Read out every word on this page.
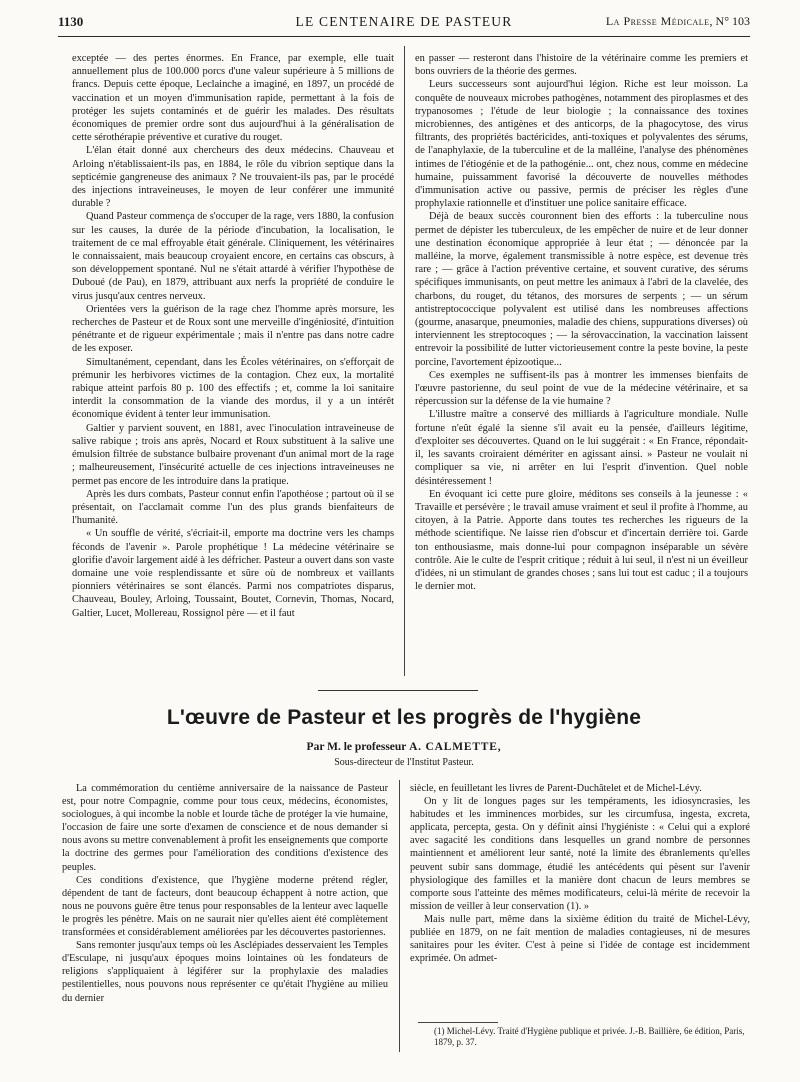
1130	LE CENTENAIRE DE PASTEUR	La Presse Médicale, N° 103

exceptée — des pertes énormes. En France, par exemple, elle tuait annuellement plus de 100.000 porcs d'une valeur supérieure à 5 millions de francs. Depuis cette époque, Leclainche a imaginé, en 1897, un procédé de vaccination et un moyen d'immunisation rapide, permettant à la fois de protéger les sujets contaminés et de guérir les malades. Des résultats économiques de premier ordre sont dus aujourd'hui à la généralisation de cette sérothérapie préventive et curative du rouget.

L'élan était donné aux chercheurs des deux médecins. Chauveau et Arloing n'établissaient-ils pas, en 1884, le rôle du vibrion septique dans la septicémie gangreneuse des animaux ? Ne trouvaient-ils pas, par le procédé des injections intraveineuses, le moyen de leur conférer une immunité durable ?

Quand Pasteur commença de s'occuper de la rage, vers 1880, la confusion sur les causes, la durée de la période d'incubation, la localisation, le traitement de ce mal effroyable était générale. Cliniquement, les vétérinaires le connaissaient, mais beaucoup croyaient encore, en certains cas obscurs, à son développement spontané. Nul ne s'était attardé à vérifier l'hypothèse de Duboué (de Pau), en 1879, attribuant aux nerfs la propriété de conduire le virus jusqu'aux centres nerveux.

Orientées vers la guérison de la rage chez l'homme après morsure, les recherches de Pasteur et de Roux sont une merveille d'ingéniosité, d'intuition pénétrante et de rigueur expérimentale ; mais il n'entre pas dans notre cadre de les exposer.

Simultanément, cependant, dans les Écoles vétérinaires, on s'efforçait de prémunir les herbivores victimes de la contagion. Chez eux, la mortalité rabique atteint parfois 80 p. 100 des effectifs ; et, comme la loi sanitaire interdit la consommation de la viande des mordus, il y a un intérêt économique évident à tenter leur immunisation.

Galtier y parvient souvent, en 1881, avec l'inoculation intraveineuse de salive rabique ; trois ans après, Nocard et Roux substituent à la salive une émulsion filtrée de substance bulbaire provenant d'un animal mort de la rage ; malheureusement, l'insécurité actuelle de ces injections intraveineuses ne permet pas encore de les introduire dans la pratique.

Après les durs combats, Pasteur connut enfin l'apothéose ; partout où il se présentait, on l'acclamait comme l'un des plus grands bienfaiteurs de l'humanité.

« Un souffle de vérité, s'écriait-il, emporte ma doctrine vers les champs féconds de l'avenir ». Parole prophétique ! La médecine vétérinaire se glorifie d'avoir largement aidé à les défricher. Pasteur a ouvert dans son vaste domaine une voie resplendissante et sûre où de nombreux et vaillants pionniers vétérinaires se sont élancés. Parmi nos compatriotes disparus, Chauveau, Bouley, Arloing, Toussaint, Boutet, Cornevin, Thomas, Nocard, Galtier, Lucet, Mollereau, Rossignol père — et il faut

en passer — resteront dans l'histoire de la vétérinaire comme les premiers et bons ouvriers de la théorie des germes.

Leurs successeurs sont aujourd'hui légion. Riche est leur moisson. La conquête de nouveaux microbes pathogènes, notamment des piroplasmes et des trypanosomes ; l'étude de leur biologie ; la connaissance des toxines microbiennes, des antigènes et des anticorps, de la phagocytose, des virus filtrants, des propriétés bactéricides, anti-toxiques et polyvalentes des sérums, de l'anaphylaxie, de la tuberculine et de la malléine, l'analyse des phénomènes intimes de l'étiogénie et de la pathogénie... ont, chez nous, comme en médecine humaine, puissamment favorisé la découverte de nouvelles méthodes d'immunisation active ou passive, permis de préciser les règles d'une prophylaxie rationnelle et d'instituer une police sanitaire efficace.

Déjà de beaux succès couronnent bien des efforts : la tuberculine nous permet de dépister les tuberculeux, de les empêcher de nuire et de leur donner une destination économique appropriée à leur état ; — dénoncée par la malléine, la morve, également transmissible à notre espèce, est devenue très rare ; — grâce à l'action préventive certaine, et souvent curative, des sérums spécifiques immunisants, on peut mettre les animaux à l'abri de la clavelée, des charbons, du rouget, du tétanos, des morsures de serpents ; — un sérum antistreptococcique polyvalent est utilisé dans les nombreuses affections (gourme, anasarque, pneumonies, maladie des chiens, suppurations diverses) où interviennent les streptocoques ; — la sérovaccination, la vaccination laissent entrevoir la possibilité de lutter victorieusement contre la peste bovine, la peste porcine, l'avortement épizootique...

Ces exemples ne suffisent-ils pas à montrer les immenses bienfaits de l'œuvre pastorienne, du seul point de vue de la médecine vétérinaire, et sa répercussion sur la défense de la vie humaine ?

L'illustre maître a conservé des milliards à l'agriculture mondiale. Nulle fortune n'eût égalé la sienne s'il avait eu la pensée, d'ailleurs légitime, d'exploiter ses découvertes. Quand on le lui suggérait : « En France, répondait-il, les savants croiraient démériter en agissant ainsi. » Pasteur ne voulait ni compliquer sa vie, ni arrêter en lui l'esprit d'invention. Quel noble désintéressement !

En évoquant ici cette pure gloire, méditons ses conseils à la jeunesse : « Travaille et persévère ; le travail amuse vraiment et seul il profite à l'homme, au citoyen, à la Patrie. Apporte dans toutes tes recherches les rigueurs de la méthode scientifique. Ne laisse rien d'obscur et d'incertain derrière toi. Garde ton enthousiasme, mais donne-lui pour compagnon inséparable un sévère contrôle. Aie le culte de l'esprit critique ; réduit à lui seul, il n'est ni un éveilleur d'idées, ni un stimulant de grandes choses ; sans lui tout est caduc ; il a toujours le dernier mot.

L'œuvre de Pasteur et les progrès de l'hygiène
Par M. le professeur A. CALMETTE,
Sous-directeur de l'Institut Pasteur.

La commémoration du centième anniversaire de la naissance de Pasteur est, pour notre Compagnie, comme pour tous ceux, médecins, économistes, sociologues, à qui incombe la noble et lourde tâche de protéger la vie humaine, l'occasion de faire une sorte d'examen de conscience et de nous demander si nous avons su mettre convenablement à profit les enseignements que comporte la doctrine des germes pour l'amélioration des conditions d'existence des peuples.

Ces conditions d'existence, que l'hygiène moderne prétend régler, dépendent de tant de facteurs, dont beaucoup échappent à notre action, que nous ne pouvons guère être tenus pour responsables de la lenteur avec laquelle le progrès les pénètre. Mais on ne saurait nier qu'elles aient été complètement transformées et considérablement améliorées par les découvertes pastoriennes.

Sans remonter jusqu'aux temps où les Asclépiades desservaient les Temples d'Esculape, ni jusqu'aux époques moins lointaines où les fondateurs de religions s'appliquaient à légiférer sur la prophylaxie des maladies pestilentielles, nous pouvons nous représenter ce qu'était l'hygiène au milieu du dernier

siècle, en feuilletant les livres de Parent-Duchâtelet et de Michel-Lévy.

On y lit de longues pages sur les tempéraments, les idiosyncrasies, les habitudes et les imminences morbides, sur les circumfusa, ingesta, excreta, applicata, percepta, gesta. On y définit ainsi l'hygiéniste : « Celui qui a exploré avec sagacité les conditions dans lesquelles un grand nombre de personnes maintiennent et améliorent leur santé, noté la limite des ébranlements qu'elles peuvent subir sans dommage, étudié les antécédents qui pèsent sur l'avenir physiologique des familles et la manière dont chacun de leurs membres se comporte sous l'atteinte des mêmes modificateurs, celui-là mérite de recevoir la mission de veiller à leur conservation (1). »

Mais nulle part, même dans la sixième édition du traité de Michel-Lévy, publiée en 1879, on ne fait mention de maladies contagieuses, ni de mesures sanitaires pour les éviter. C'est à peine si l'idée de contage est incidemment exprimée. On admet-

(1) Michel-Lévy. Traité d'Hygiène publique et privée. J.-B. Baillière, 6e édition, Paris, 1879, p. 37.
